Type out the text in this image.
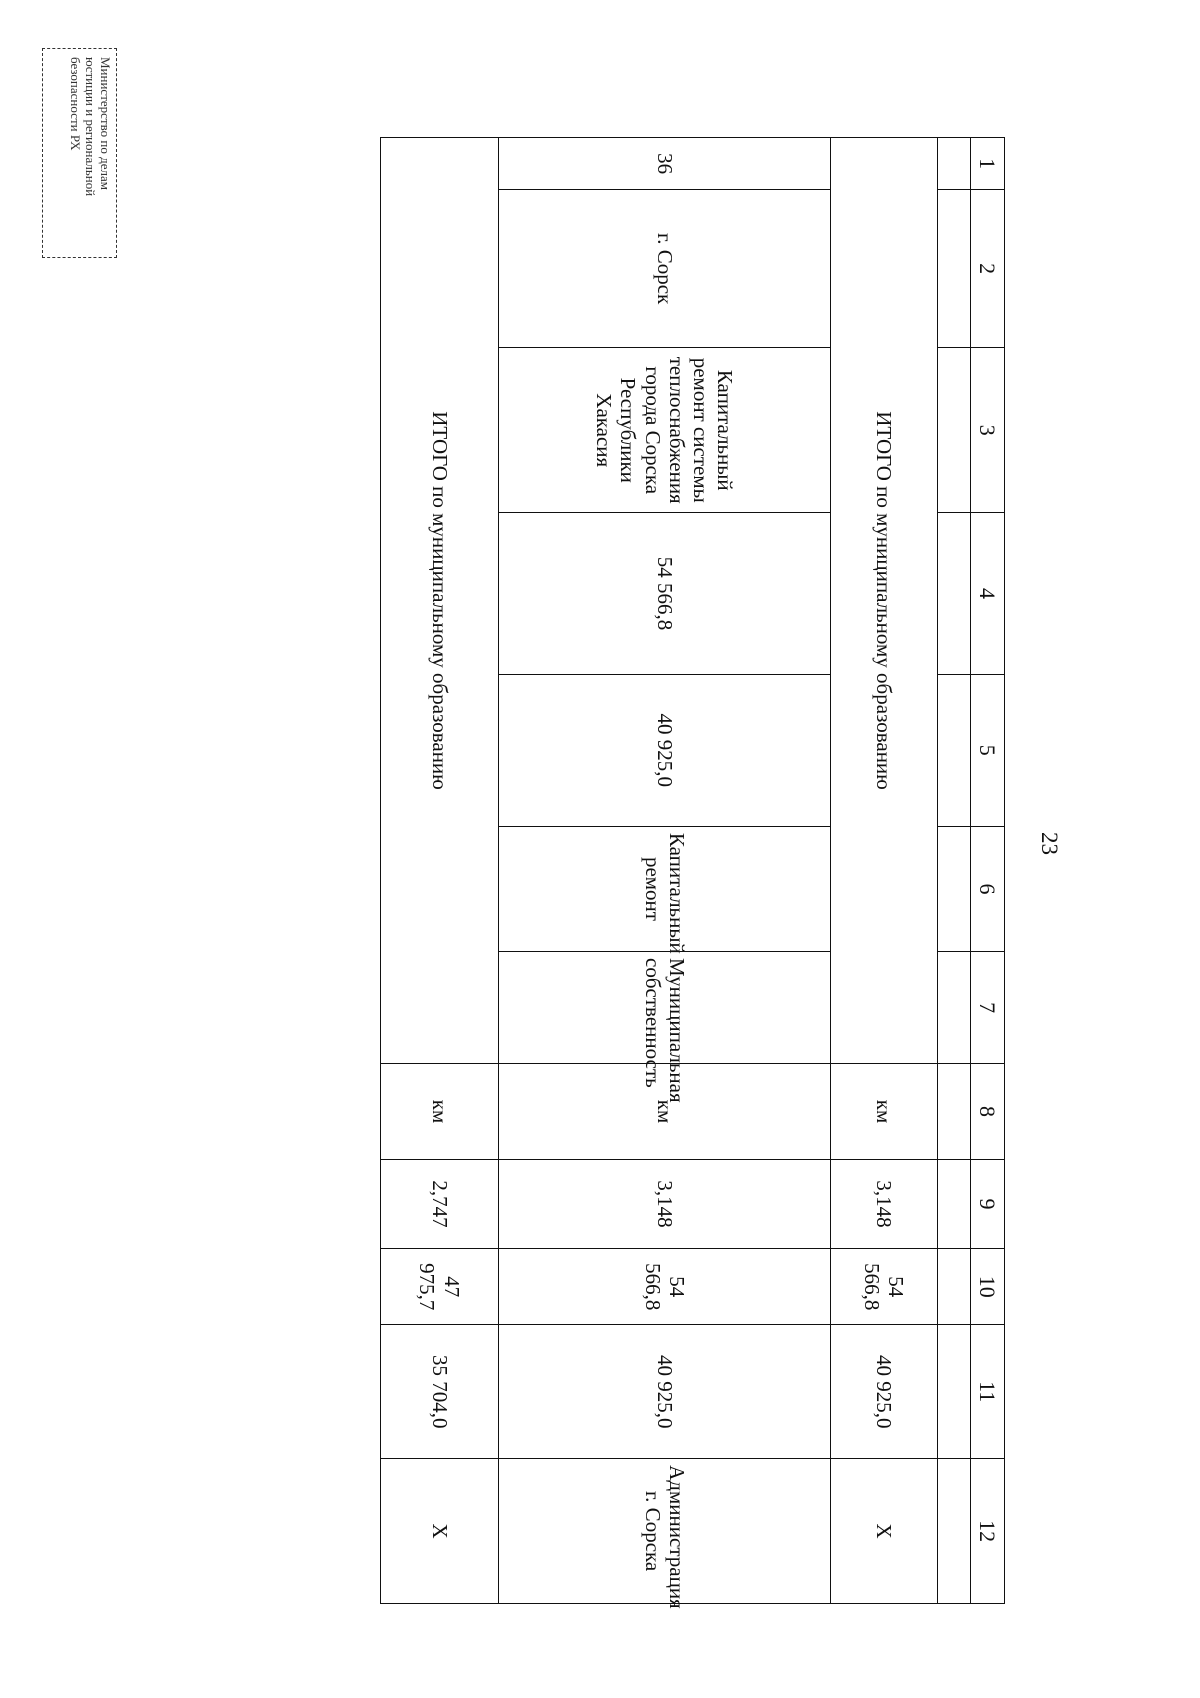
Министерство по делам
юстиции и региональной
безопасности РХ
23
1	2	3	4	5	6	7	8	9	10	11	12

ИТОГО по муниципальному образованию							км	3,148	54 566,8	40 925,0	Х
36	г. Сорск	Капитальный ремонт системы теплоснабжения города Сорска Республики Хакасия	54 566,8	40 925,0	Капитальный ремонт	Муниципальная собственность	км	3,148	54 566,8	40 925,0	Администрация г. Сорска
ИТОГО по муниципальному образованию							км	2,747	47 975,7	35 704,0	Х
